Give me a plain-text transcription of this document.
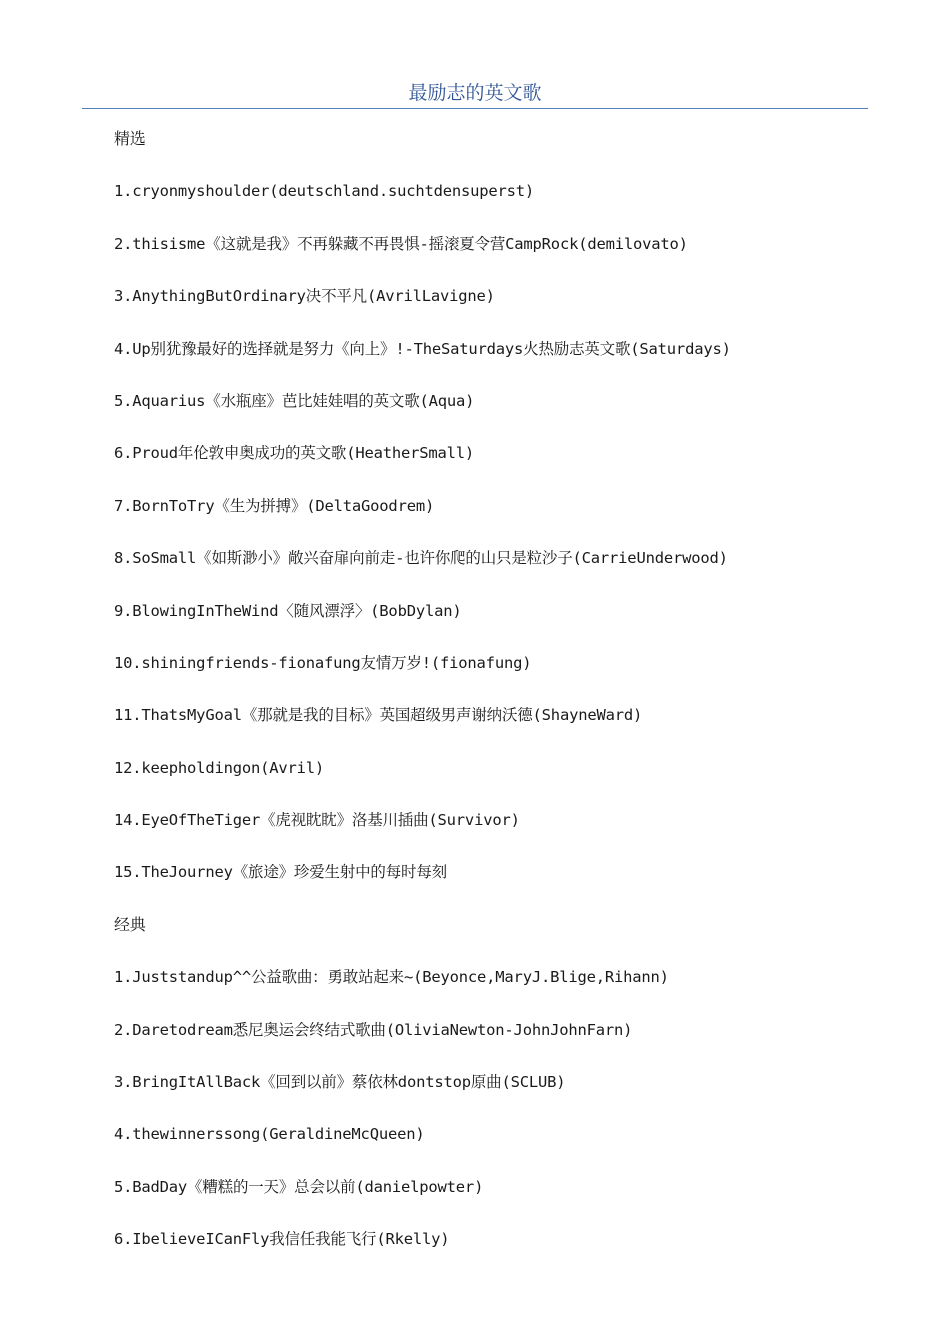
最励志的英文歌
精选
1.cryonmyshoulder(deutschland.suchtdensuperst)
2.thisisme《这就是我》不再躲藏不再畏惧-摇滚夏令营CampRock(demilovato)
3.AnythingButOrdinary决不平凡(AvrilLavigne)
4.Up别犹豫最好的选择就是努力《向上》!-TheSaturdays火热励志英文歌(Saturdays)
5.Aquarius《水瓶座》芭比娃娃唱的英文歌(Aqua)
6.Proud年伦敦申奥成功的英文歌(HeatherSmall)
7.BornToTry《生为拼搏》(DeltaGoodrem)
8.SoSmall《如斯渺小》敞兴奋扉向前走-也许你爬的山只是粒沙子(CarrieUnderwood)
9.BlowingInTheWind〈随风漂浮〉(BobDylan)
10.shiningfriends-fionafung友情万岁!(fionafung)
11.ThatsMyGoal《那就是我的目标》英国超级男声谢纳沃德(ShayneWard)
12.keepholdingon(Avril)
14.EyeOfTheTiger《虎视眈眈》洛基川插曲(Survivor)
15.TheJourney《旅途》珍爱生射中的每时每刻
经典
1.Juststandup^^公益歌曲：勇敢站起来~(Beyonce,MaryJ.Blige,Rihann)
2.Daretodream悉尼奥运会终结式歌曲(OliviaNewton-JohnJohnFarn)
3.BringItAllBack《回到以前》蔡依林dontstop原曲(SCLUB)
4.thewinnerssong(GeraldineMcQueen)
5.BadDay《糟糕的一天》总会以前(danielpowter)
6.IbelieveICanFly我信任我能飞行(Rkelly)
